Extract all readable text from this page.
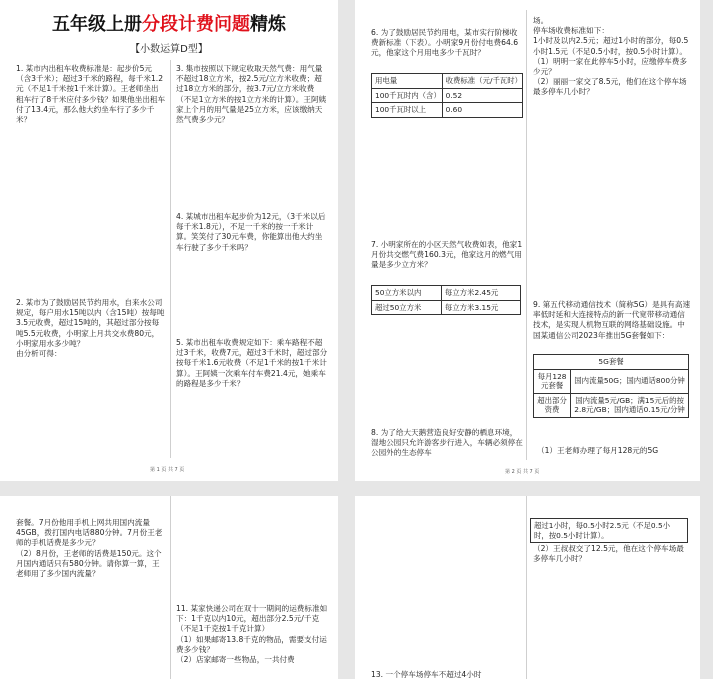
五年级上册分段计费问题精炼
【小数运算D型】
1. 某市内出租车收费标准是：起步价5元（含3千米）；超过3千米的路程，每千米1.2元（不足1千米按1千米计算）。王老师坐出租车行了8千米应付多少钱？如果他坐出租车付了13.4元，那么他大约坐车行了多少千米？
2. 某市为了鼓励居民节约用水，自来水公司规定，每户用水15吨以内（含15吨）按每吨3.5元收费，超过15吨的，其超过部分按每吨5.5元收费，小明家上月共交水费80元，小明家用水多少吨？
由分析可得：
3. 集市按照以下规定收取天然气费：用气量不超过18立方米，按2.5元/立方米收费；超过18立方米的部分，按3.7元/立方米收费（不足1立方米的按1立方米的计算）。王阿姨家上个月的用气量是25立方米，应该缴纳天然气费多少元？
4. 某城市出租车起步价为12元，（3千米以后每千米1.8元），不足一千米的按一千米计算。笑笑付了30元车费，你能算出他大约坐车行驶了多少千米吗？
5. 某市出租车收费规定如下：乘车路程不超过3千米，收费7元，超过3千米时，超过部分按每千米1.6元收费（不足1千米的按1千米计算）。王阿姨一次乘车付车费21.4元，她乘车的路程是多少千米？
第 1 页 共 7 页
6. 为了鼓励居民节约用电，某市实行阶梯收费新标准（下表）。小明家9月份付电费64.6元，他家这个月用电多少千瓦时？
用电量	收费标准（元/千瓦时）
100千瓦时内（含）	0.52
100千瓦时以上	0.60
7. 小明家所在的小区天然气收费如表，他家1月份共交燃气费160.3元，他家这月的燃气用量是多少立方米？
50立方米以内	每立方米2.45元
超过50立方米	每立方米3.15元
8. 为了给大天鹅营造良好安静的栖息环境，湿地公园只允许游客步行进入，车辆必须停在公园外的生态停车
场。
停车场收费标准如下：
1小时及以内2.5元；超过1小时的部分，每0.5小时1.5元（不足0.5小时，按0.5小时计算）。
（1）明明一家在此停车5小时，应缴停车费多少元？
（2）丽丽一家交了8.5元，他们在这个停车场最多停车几小时？
9. 第五代移动通信技术（简称5G）是具有高速率低时延和大连接特点的新一代宽带移动通信技术，是实现人机物互联的网络基础设施。中国某通信公司2023年推出5G套餐如下：
5G套餐	
每月128元套餐	国内流量50G；国内通话800分钟
超出部分资费	国内流量5元/GB；满15元后的按2.8元/GB；国内通话0.15元/分钟
（1）王老师办理了每月128元的5G
第 2 页 共 7 页
套餐。7月份他用手机上网共用国内流量45GB，拨打国内电话880分钟。7月份王老师的手机话费是多少元？
（2）8月份，王老师的话费是150元。这个月国内通话只有580分钟。请你算一算，王老师用了多少国内流量？
11. 某家快递公司在双十一期间的运费标准如下：1千克以内10元，超出部分2.5元/千克（不足1千克按1千克计算）
（1）如果邮寄13.8千克的物品，需要支付运费多少钱？
（2）店家邮寄一些物品，一共付费
超过1小时，每0.5小时2.5元（不足0.5小时，按0.5小时计算）。
（2）王叔叔交了12.5元，他在这个停车场最多停车几小时？
13. 一个停车场停车不超过4小时
